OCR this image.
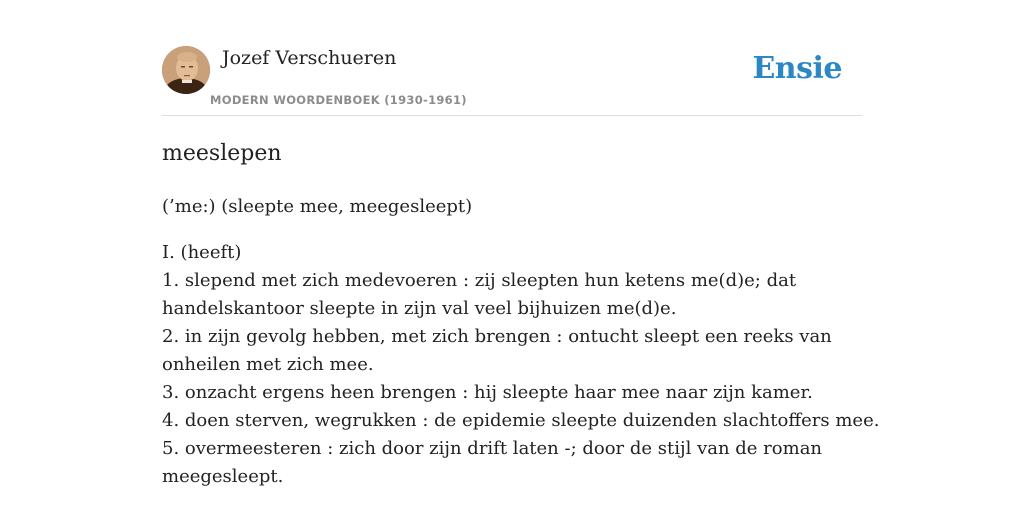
Jozef Verschueren
MODERN WOORDENBOEK (1930-1961)
Ensie
meeslepen
(’me:) (sleepte mee, meegesleept)
I. (heeft)
1. slepend met zich medevoeren : zij sleepten hun ketens me(d)e; dat
handelskantoor sleepte in zijn val veel bijhuizen me(d)e.
2. in zijn gevolg hebben, met zich brengen : ontucht sleept een reeks van
onheilen met zich mee.
3. onzacht ergens heen brengen : hij sleepte haar mee naar zijn kamer.
4. doen sterven, wegrukken : de epidemie sleepte duizenden slachtoffers mee.
5. overmeesteren : zich door zijn drift laten -; door de stijl van de roman
meegesleept.
